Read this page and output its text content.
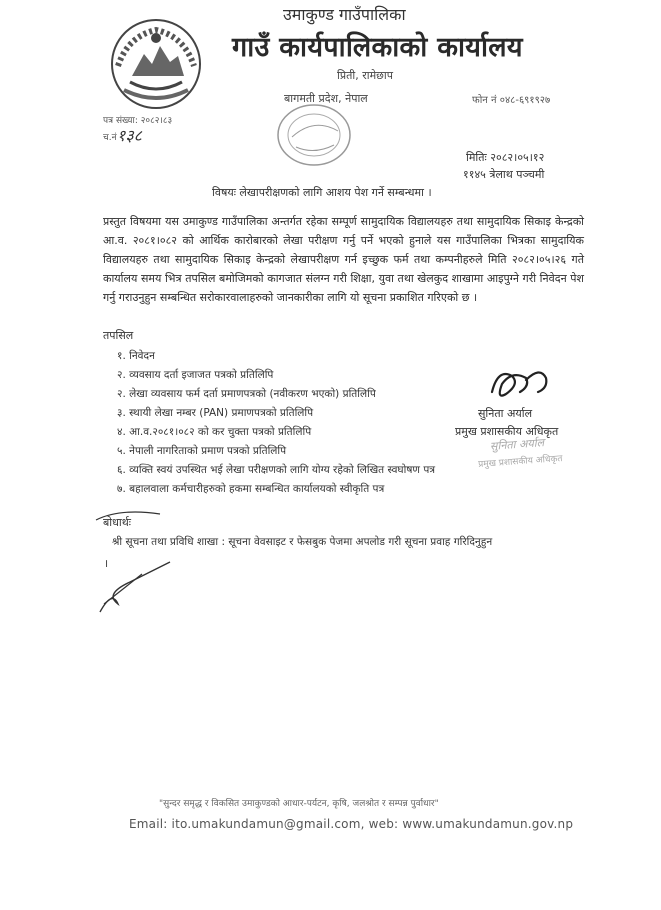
उमाकुण्ड गाउँपालिका
गाउँ कार्यपालिकाको कार्यालय
प्रिती, रामेछाप
बागमती प्रदेश, नेपाल	फोन नं ०४८-६९१९२७
पत्र संख्या: २०८२।८३
च.नं १३८
मितिः २०८२।०५।१२
११४५ त्रेलाथ पञ्चमी
विषयः लेखापरीक्षणको लागि आशय पेश गर्ने सम्बन्धमा ।
प्रस्तुत विषयमा यस उमाकुण्ड गाउँपालिका अन्तर्गत रहेका सम्पूर्ण सामुदायिक विद्यालयहरु तथा सामुदायिक सिकाइ केन्द्रको आ.व. २०८१।०८२ को आर्थिक कारोबारको लेखा परीक्षण गर्नु पर्ने भएको हुनाले यस गाउँपालिका भित्रका सामुदायिक विद्यालयहरु तथा सामुदायिक सिकाइ केन्द्रको लेखापरीक्षण गर्न इच्छुक फर्म तथा कम्पनीहरुले मिति २०८२।०५।२६ गते कार्यालय समय भित्र तपसिल बमोजिमको कागजात संलग्न गरी शिक्षा, युवा तथा खेलकुद शाखामा आइपुग्ने गरी निवेदन पेश गर्नु गराउनुहुन सम्बन्धित सरोकारवालाहरुको जानकारीका लागि यो सूचना प्रकाशित गरिएको छ ।
तपसिल
१. निवेदन
२. व्यवसाय दर्ता इजाजत पत्रको प्रतिलिपि
२. लेखा व्यवसाय फर्म दर्ता प्रमाणपत्रको (नवीकरण भएको) प्रतिलिपि
३. स्थायी लेखा नम्बर (PAN) प्रमाणपत्रको प्रतिलिपि
४. आ.व.२०८१।०८२ को कर चुक्ता पत्रको प्रतिलिपि
५. नेपाली नागरिताको प्रमाण पत्रको प्रतिलिपि
६. व्यक्ति स्वयं उपस्थित भई लेखा परीक्षणको लागि योग्य रहेको लिखित स्वघोषण पत्र
७. बहालवाला कर्मचारीहरुको हकमा सम्बन्धित कार्यालयको स्वीकृति पत्र
सुनिता अर्याल
प्रमुख प्रशासकीय अधिकृत
सुनिता अर्याल
प्रमुख प्रशासकीय अधिकृत
बोधार्थः
श्री सूचना तथा प्रविधि शाखा : सूचना वेवसाइट र फेसबुक पेजमा अपलोड गरी सूचना प्रवाह गरिदिनुहुन
।
"सुन्दर समृद्ध र विकसित उमाकुण्डको आधार-पर्यटन, कृषि, जलश्रोत र सम्पन्न पुर्वाधार"
Email: ito.umakundamun@gmail.com, web: www.umakundamun.gov.np
